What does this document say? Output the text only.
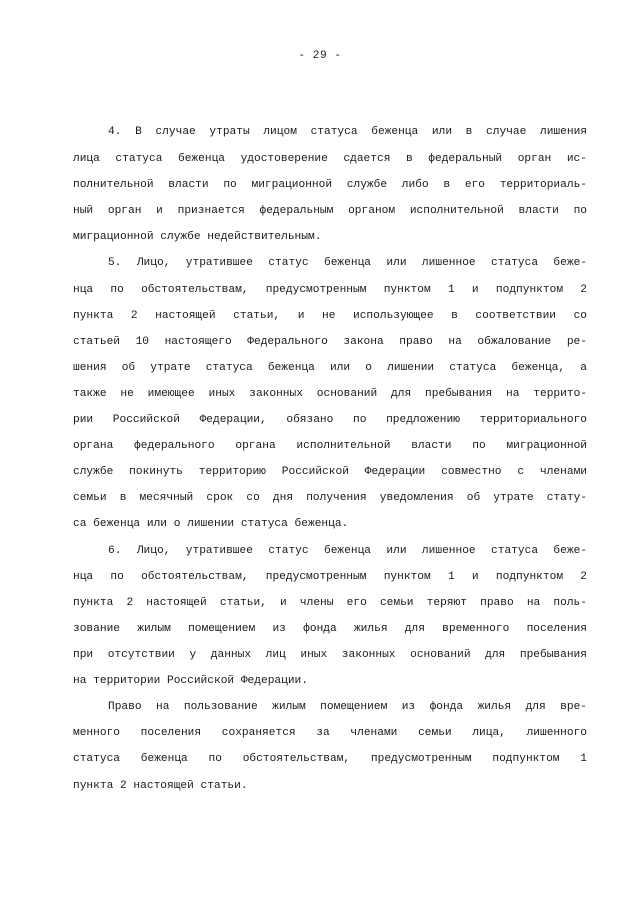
- 29 -
4. В случае утраты лицом статуса беженца или в случае лишения
лица статуса беженца удостоверение сдается в федеральный орган ис-
полнительной власти по миграционной службе либо в его территориаль-
ный орган и признается федеральным органом исполнительной власти по
миграционной службе недействительным.
5. Лицо, утратившее статус беженца или лишенное статуса беже-
нца по обстоятельствам, предусмотренным пунктом 1 и подпунктом 2
пункта 2 настоящей статьи, и не использующее в соответствии со
статьей 10 настоящего Федерального закона право на обжалование ре-
шения об утрате статуса беженца или о лишении статуса беженца, а
также не имеющее иных законных оснований для пребывания на террито-
рии Российской Федерации, обязано по предложению территориального
органа федерального органа исполнительной власти по миграционной
службе покинуть территорию Российской Федерации совместно с членами
семьи в месячный срок со дня получения уведомления об утрате стату-
са беженца или о лишении статуса беженца.
6. Лицо, утратившее статус беженца или лишенное статуса беже-
нца по обстоятельствам, предусмотренным пунктом 1 и подпунктом 2
пункта 2 настоящей статьи, и члены его семьи теряют право на поль-
зование жилым помещением из фонда жилья для временного поселения
при отсутствии у данных лиц иных законных оснований для пребывания
на территории Российской Федерации.
Право на пользование жилым помещением из фонда жилья для вре-
менного поселения сохраняется за членами семьи лица, лишенного
статуса беженца по обстоятельствам, предусмотренным подпунктом 1
пункта 2 настоящей статьи.
